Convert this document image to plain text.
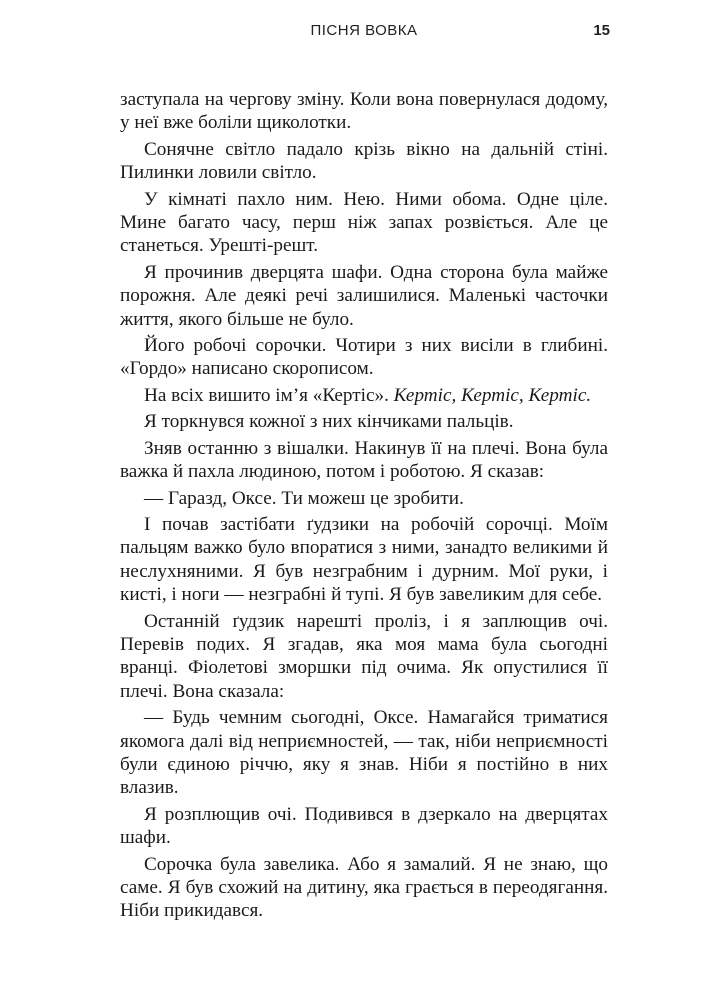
ПІСНЯ ВОВКА	15

заступала на чергову зміну. Коли вона повернулася додому, у неї вже боліли щиколотки.

Сонячне світло падало крізь вікно на дальній стіні. Пилинки ловили світло.

У кімнаті пахло ним. Нею. Ними обома. Одне ціле. Мине багато часу, перш ніж запах розвіється. Але це станеться. Урешті-решт.

Я прочинив дверцята шафи. Одна сторона була майже порожня. Але деякі речі залишилися. Маленькі часточки життя, якого більше не було.

Його робочі сорочки. Чотири з них висіли в глибині. «Гордо» написано скорописом.

На всіх вишито ім’я «Кертіс». Кертіс, Кертіс, Кертіс.

Я торкнувся кожної з них кінчиками пальців.

Зняв останню з вішалки. Накинув її на плечі. Вона була важка й пахла людиною, потом і роботою. Я сказав:

— Гаразд, Оксе. Ти можеш це зробити.

І почав застібати ґудзики на робочій сорочці. Моїм пальцям важко було впоратися з ними, занадто великими й неслухняними. Я був незграбним і дурним. Мої руки, і кисті, і ноги — незграбні й тупі. Я був завеликим для себе.

Останній ґудзик нарешті проліз, і я заплющив очі. Перевів подих. Я згадав, яка моя мама була сьогодні вранці. Фіолетові зморшки під очима. Як опустилися її плечі. Вона сказала:

— Будь чемним сьогодні, Оксе. Намагайся триматися якомога далі від неприємностей, — так, ніби неприємності були єдиною річчю, яку я знав. Ніби я постійно в них влазив.

Я розплющив очі. Подивився в дзеркало на дверцятах шафи.

Сорочка була завелика. Або я замалий. Я не знаю, що саме. Я був схожий на дитину, яка грається в переодягання. Ніби прикидався.
